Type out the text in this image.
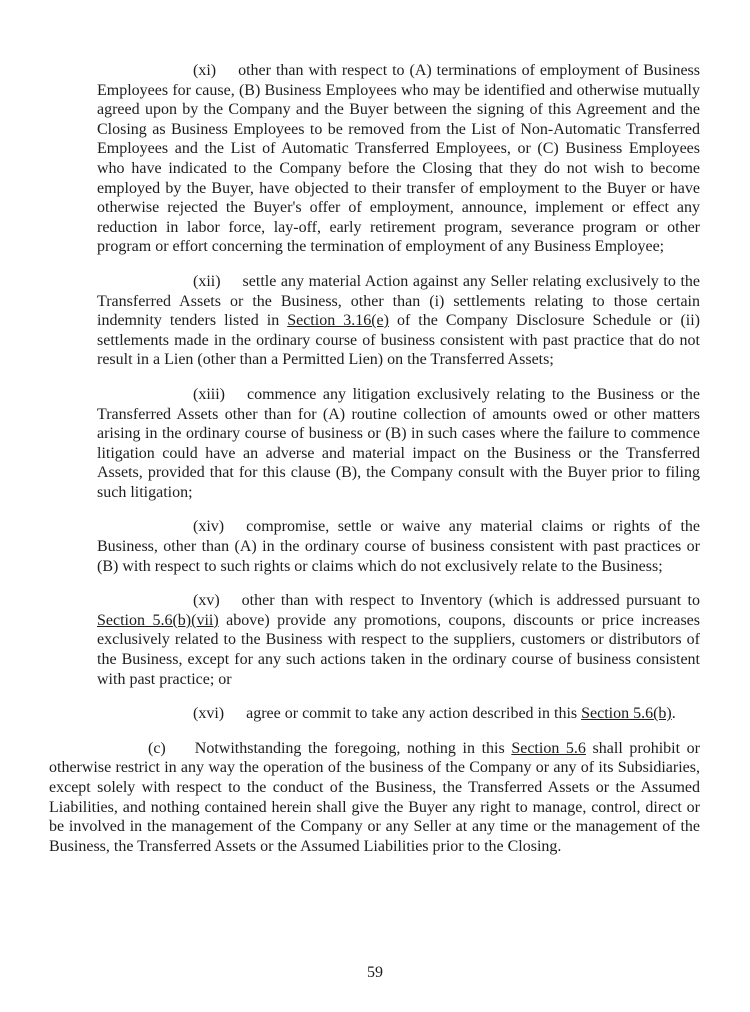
(xi) other than with respect to (A) terminations of employment of Business Employees for cause, (B) Business Employees who may be identified and otherwise mutually agreed upon by the Company and the Buyer between the signing of this Agreement and the Closing as Business Employees to be removed from the List of Non-Automatic Transferred Employees and the List of Automatic Transferred Employees, or (C) Business Employees who have indicated to the Company before the Closing that they do not wish to become employed by the Buyer, have objected to their transfer of employment to the Buyer or have otherwise rejected the Buyer's offer of employment, announce, implement or effect any reduction in labor force, lay-off, early retirement program, severance program or other program or effort concerning the termination of employment of any Business Employee;

(xii) settle any material Action against any Seller relating exclusively to the Transferred Assets or the Business, other than (i) settlements relating to those certain indemnity tenders listed in Section 3.16(e) of the Company Disclosure Schedule or (ii) settlements made in the ordinary course of business consistent with past practice that do not result in a Lien (other than a Permitted Lien) on the Transferred Assets;

(xiii) commence any litigation exclusively relating to the Business or the Transferred Assets other than for (A) routine collection of amounts owed or other matters arising in the ordinary course of business or (B) in such cases where the failure to commence litigation could have an adverse and material impact on the Business or the Transferred Assets, provided that for this clause (B), the Company consult with the Buyer prior to filing such litigation;

(xiv) compromise, settle or waive any material claims or rights of the Business, other than (A) in the ordinary course of business consistent with past practices or (B) with respect to such rights or claims which do not exclusively relate to the Business;

(xv) other than with respect to Inventory (which is addressed pursuant to Section 5.6(b)(vii) above) provide any promotions, coupons, discounts or price increases exclusively related to the Business with respect to the suppliers, customers or distributors of the Business, except for any such actions taken in the ordinary course of business consistent with past practice; or

(xvi) agree or commit to take any action described in this Section 5.6(b).

(c) Notwithstanding the foregoing, nothing in this Section 5.6 shall prohibit or otherwise restrict in any way the operation of the business of the Company or any of its Subsidiaries, except solely with respect to the conduct of the Business, the Transferred Assets or the Assumed Liabilities, and nothing contained herein shall give the Buyer any right to manage, control, direct or be involved in the management of the Company or any Seller at any time or the management of the Business, the Transferred Assets or the Assumed Liabilities prior to the Closing.

59
